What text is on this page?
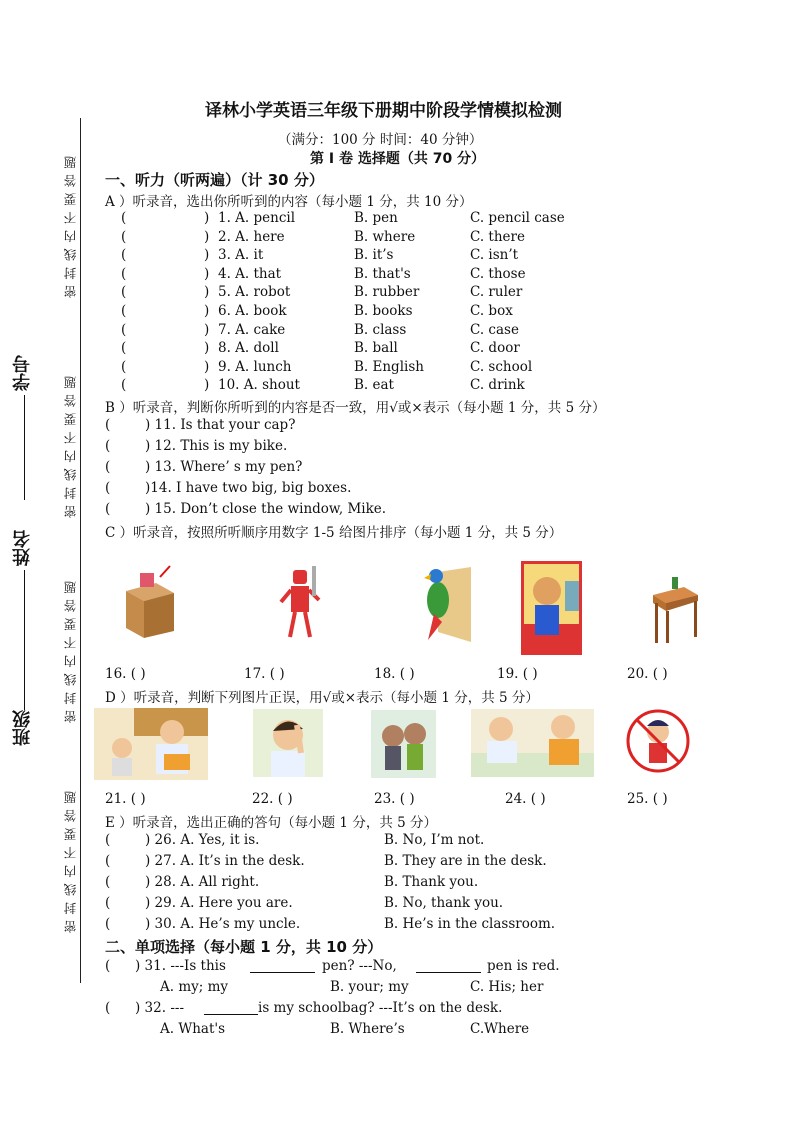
密封线内不要答题
密封线内不要答题
密封线内不要答题
密封线内不要答题
学号
姓名
班级
译林小学英语三年级下册期中阶段学情模拟检测
（满分：100 分 时间：40 分钟）
第 I 卷 选择题（共 70 分）
一、听力（听两遍）（计 30 分）
A ）听录音，选出你所听到的内容（每小题 1 分，共 10 分）
(	) 1. A. pencil	B. pen	C. pencil case
(	) 2. A. here	B. where	C. there
(	) 3. A. it	B. it’s	C. isn’t
(	) 4. A. that	B. that's	C. those
(	) 5. A. robot	B. rubber	C. ruler
(	) 6. A. book	B. books	C. box
(	) 7. A. cake	B. class	C. case
(	) 8. A. doll	B. ball	C. door
(	) 9. A. lunch	B. English	C. school
(	) 10. A. shout	B. eat	C. drink
B ）听录音，判断你所听到的内容是否一致，用√或×表示（每小题 1 分，共 5 分）
(	) 11. Is that your cap?
(	) 12. This is my bike.
(	) 13. Where’ s my pen?
(	)14. I have two big, big boxes.
(	) 15. Don’t close the window, Mike.
C ）听录音，按照所听顺序用数字 1-5 给图片排序（每小题 1 分，共 5 分）
16. ( )	17. ( )	18. ( )	19. ( )	20. ( )
D ）听录音，判断下列图片正误，用√或×表示（每小题 1 分，共 5 分）
21. ( )	22. ( )	23. ( )	24. ( )	25. ( )
E ）听录音，选出正确的答句（每小题 1 分，共 5 分）
(	) 26. A. Yes, it is.	B. No, I’m not.
(	) 27. A. It’s in the desk.	B. They are in the desk.
(	) 28. A. All right.	B. Thank you.
(	) 29. A. Here you are.	B. No, thank you.
(	) 30. A. He’s my uncle.	B. He’s in the classroom.
二、单项选择（每小题 1 分，共 10 分）
( ) 31. ---Is this	pen? ---No,	pen is red.
A. my; my	B. your; my	C. His; her
( ) 32. ---	is my schoolbag? ---It’s on the desk.
A. What's	B. Where’s	C.Where
